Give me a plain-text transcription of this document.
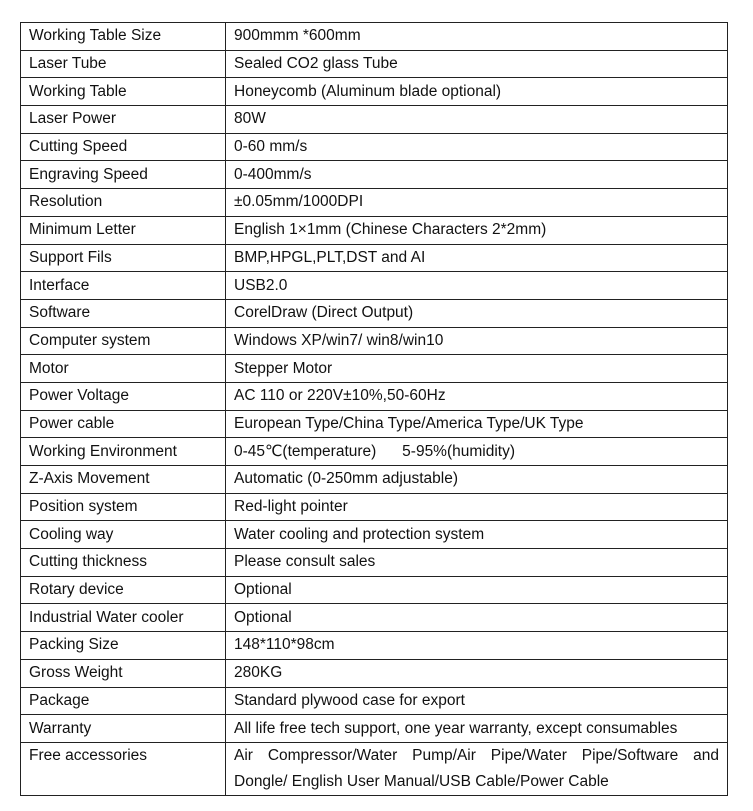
Working Table Size	900mmm *600mm
Laser Tube	Sealed CO2 glass Tube
Working Table	Honeycomb (Aluminum blade optional)
Laser Power	80W
Cutting Speed	0-60 mm/s
Engraving Speed	0-400mm/s
Resolution	±0.05mm/1000DPI
Minimum Letter	English 1×1mm (Chinese Characters 2*2mm)
Support Fils	BMP,HPGL,PLT,DST and AI
Interface	USB2.0
Software	CorelDraw (Direct Output)
Computer system	Windows XP/win7/ win8/win10
Motor	Stepper Motor
Power Voltage	AC 110 or 220V±10%,50-60Hz
Power cable	European Type/China Type/America Type/UK Type
Working Environment	0-45℃(temperature)      5-95%(humidity)
Z-Axis Movement	Automatic (0-250mm adjustable)
Position system	Red-light pointer
Cooling way	Water cooling and protection system
Cutting thickness	Please consult sales
Rotary device	Optional
Industrial Water cooler	Optional
Packing Size	148*110*98cm
Gross Weight	280KG
Package	Standard plywood case for export
Warranty	All life free tech support, one year warranty, except consumables
Free accessories	Air Compressor/Water Pump/Air Pipe/Water Pipe/Software and Dongle/ English User Manual/USB Cable/Power Cable
